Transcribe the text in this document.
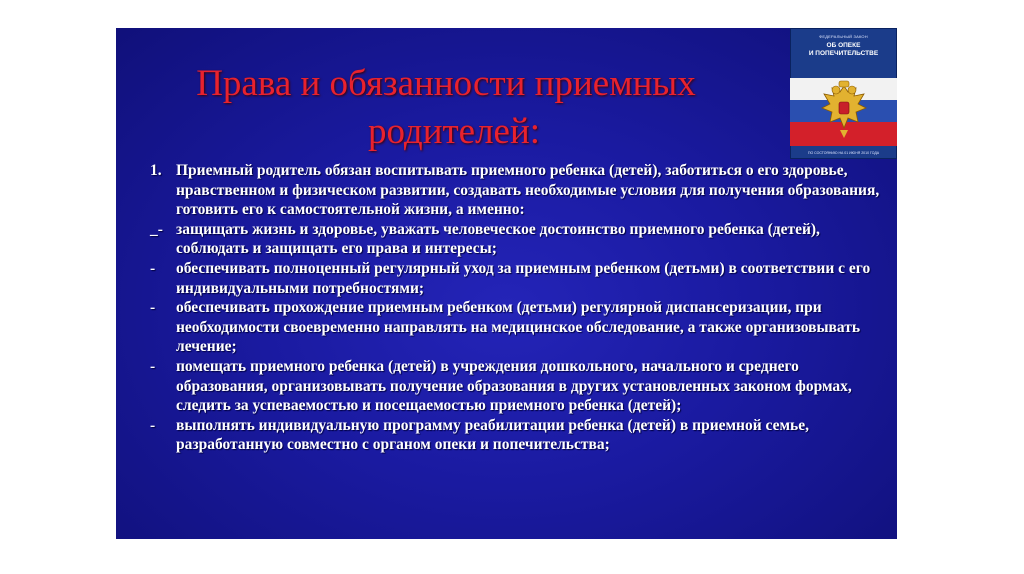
Права и обязанности приемных
родителей:
ФЕДЕРАЛЬНЫЙ ЗАКОН
ОБ ОПЕКЕ
И ПОПЕЧИТЕЛЬСТВЕ
ПО СОСТОЯНИЮ НА 01 ИЮНЯ 2010 ГОДА
1. Приемный родитель обязан воспитывать приемного ребенка (детей), заботиться о его здоровье, нравственном и физическом развитии, создавать необходимые условия для получения образования, готовить его к самостоятельной жизни, а именно:
_- защищать жизнь и здоровье, уважать человеческое достоинство приемного ребенка (детей), соблюдать и защищать его права и интересы;
-	обеспечивать полноценный регулярный уход за приемным ребенком (детьми) в соответствии с его индивидуальными потребностями;
-	обеспечивать прохождение приемным ребенком (детьми) регулярной диспансеризации, при необходимости своевременно направлять на медицинское обследование, а также организовывать лечение;
-	помещать приемного ребенка (детей) в учреждения дошкольного, начального и среднего образования, организовывать получение образования в других установленных законом формах, следить за успеваемостью и посещаемостью приемного ребенка (детей);
-	выполнять индивидуальную программу реабилитации ребенка (детей) в приемной семье, разработанную совместно с органом опеки и попечительства;
